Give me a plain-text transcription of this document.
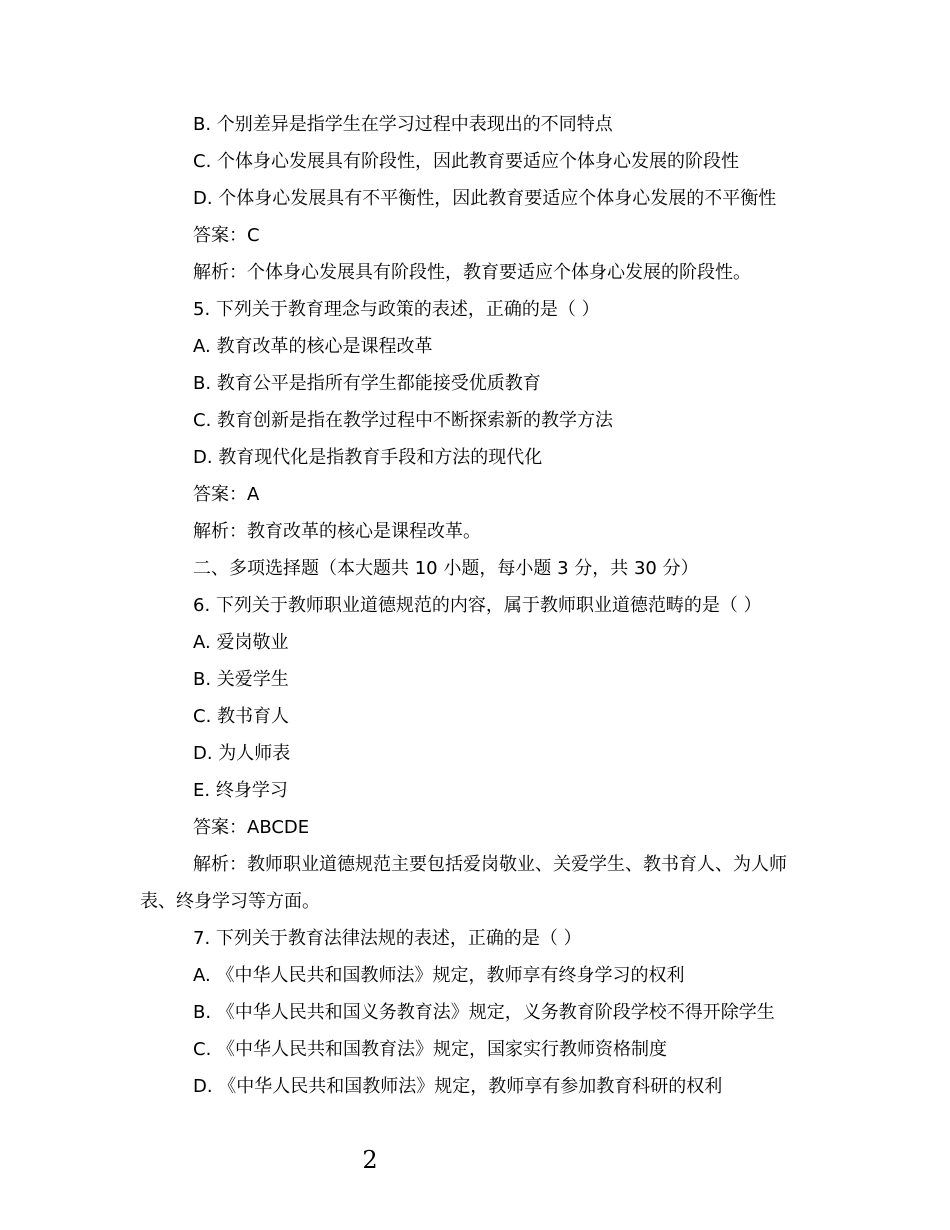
B. 个别差异是指学生在学习过程中表现出的不同特点
C. 个体身心发展具有阶段性，因此教育要适应个体身心发展的阶段性
D. 个体身心发展具有不平衡性，因此教育要适应个体身心发展的不平衡性
答案：C
解析：个体身心发展具有阶段性，教育要适应个体身心发展的阶段性。
5. 下列关于教育理念与政策的表述，正确的是（ ）
A. 教育改革的核心是课程改革
B. 教育公平是指所有学生都能接受优质教育
C. 教育创新是指在教学过程中不断探索新的教学方法
D. 教育现代化是指教育手段和方法的现代化
答案：A
解析：教育改革的核心是课程改革。
二、多项选择题（本大题共 10 小题，每小题 3 分，共 30 分）
6. 下列关于教师职业道德规范的内容，属于教师职业道德范畴的是（ ）
A. 爱岗敬业
B. 关爱学生
C. 教书育人
D. 为人师表
E. 终身学习
答案：ABCDE
解析：教师职业道德规范主要包括爱岗敬业、关爱学生、教书育人、为人师表、终身学习等方面。
7. 下列关于教育法律法规的表述，正确的是（ ）
A. 《中华人民共和国教师法》规定，教师享有终身学习的权利
B. 《中华人民共和国义务教育法》规定，义务教育阶段学校不得开除学生
C. 《中华人民共和国教育法》规定，国家实行教师资格制度
D. 《中华人民共和国教师法》规定，教师享有参加教育科研的权利
2
